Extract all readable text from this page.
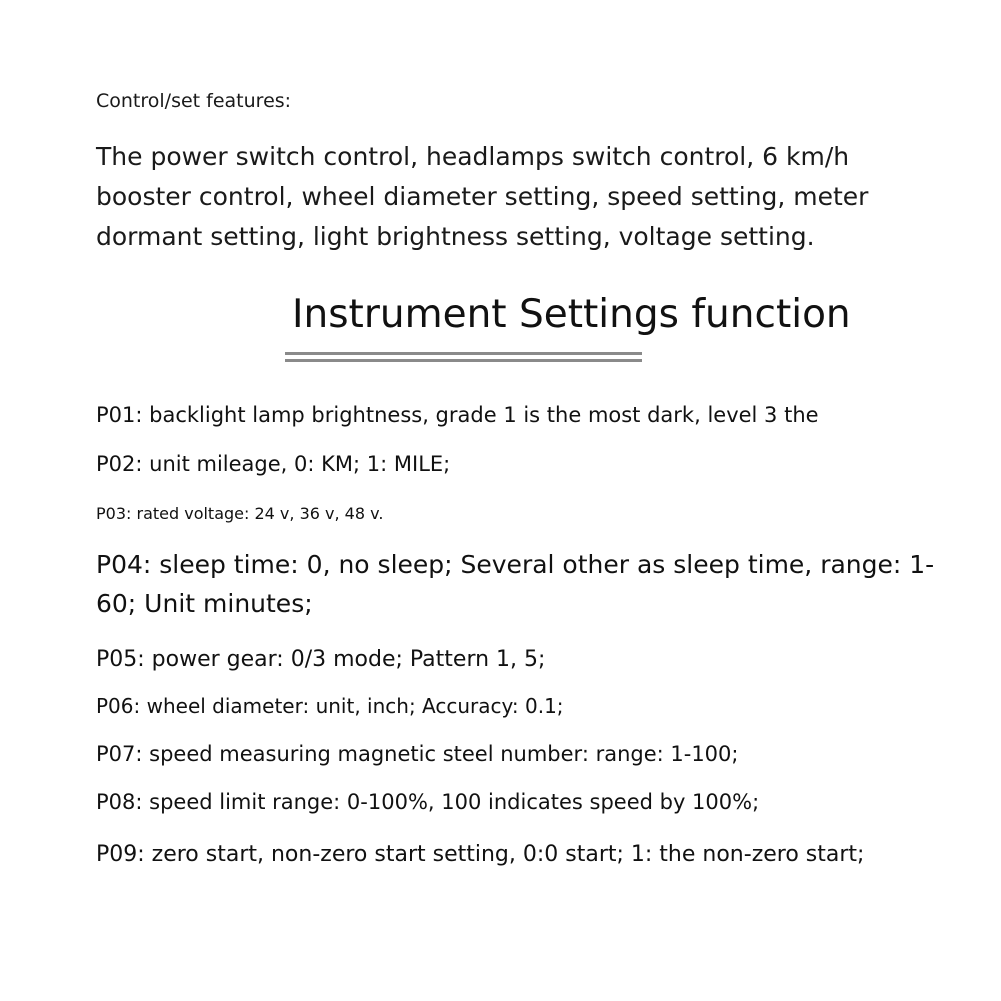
Control/set features:
The power switch control, headlamps switch control, 6 km/h booster control, wheel diameter setting, speed setting, meter dormant setting, light brightness setting, voltage setting.
Instrument Settings function
P01: backlight lamp brightness, grade 1 is the most dark, level 3 the
P02: unit mileage, 0: KM; 1: MILE;
P03: rated voltage: 24 v, 36 v, 48 v.
P04: sleep time: 0, no sleep; Several other as sleep time, range: 1-60; Unit minutes;
P05: power gear: 0/3 mode; Pattern 1, 5;
P06: wheel diameter: unit, inch; Accuracy: 0.1;
P07: speed measuring magnetic steel number: range: 1-100;
P08: speed limit range: 0-100%, 100 indicates speed by 100%;
P09: zero start, non-zero start setting, 0:0 start; 1: the non-zero start;
